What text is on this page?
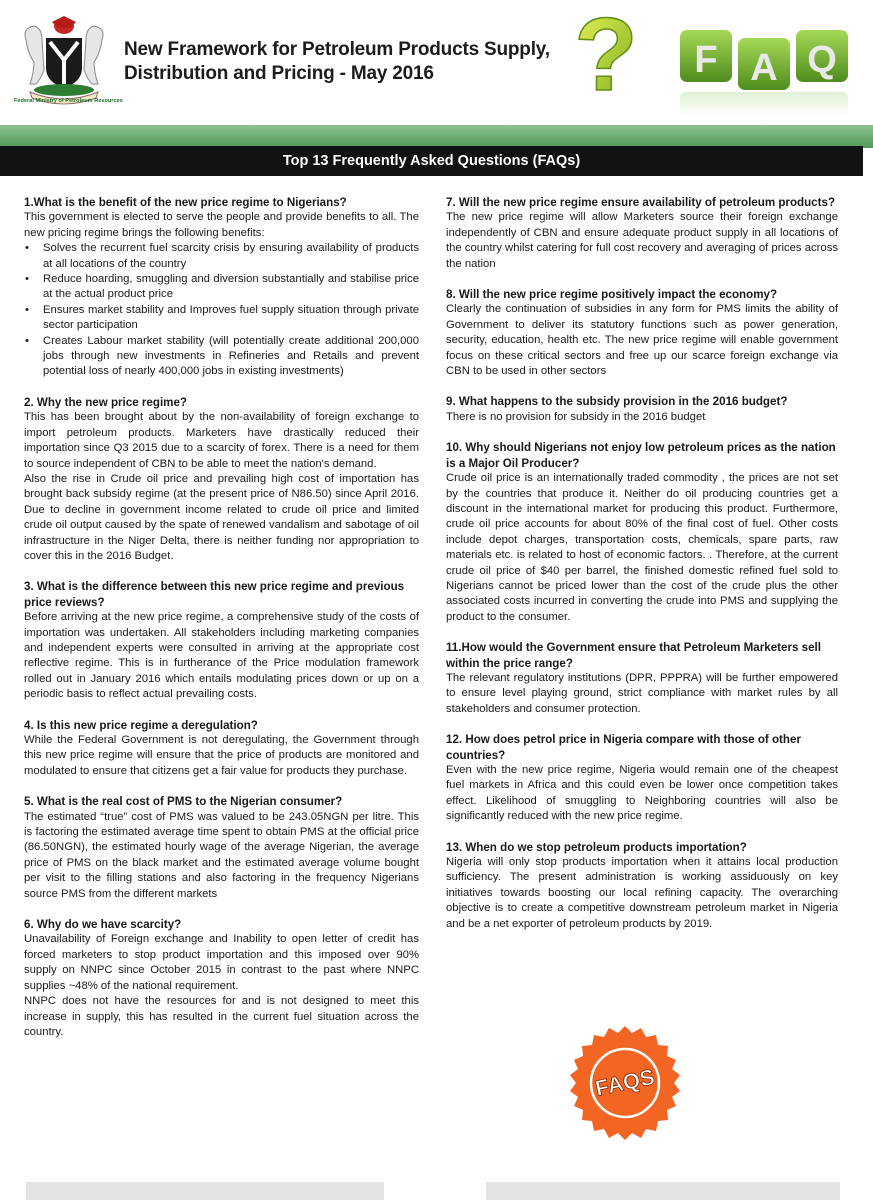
Federal Ministry of Petroleum Resources
New Framework for Petroleum Products Supply,
Distribution and Pricing - May 2016	? F A Q
Top 13 Frequently Asked Questions (FAQs)

1.What is the benefit of the new price regime to Nigerians?

This government is elected to serve the people and provide benefits to all. The new pricing regime brings the following benefits:

• Solves the recurrent fuel scarcity crisis by ensuring availability of products at all locations of the country
• Reduce hoarding, smuggling and diversion substantially and stabilise price at the actual product price
• Ensures market stability and Improves fuel supply situation through private sector participation
• Creates Labour market stability (will potentially create additional 200,000 jobs through new investments in Refineries and Retails and prevent potential loss of nearly 400,000 jobs in existing investments)

2. Why the new price regime?

This has been brought about by the non-availability of foreign exchange to import petroleum products. Marketers have drastically reduced their importation since Q3 2015 due to a scarcity of forex. There is a need for them to source independent of CBN to be able to meet the nation's demand.

Also the rise in Crude oil price and prevailing high cost of importation has brought back subsidy regime (at the present price of N86.50) since April 2016. Due to decline in government income related to crude oil price and limited crude oil output caused by the spate of renewed vandalism and sabotage of oil infrastructure in the Niger Delta, there is neither funding nor appropriation to cover this in the 2016 Budget.

3. What is the difference between this new price regime and previous price reviews?

Before arriving at the new price regime, a comprehensive study of the costs of importation was undertaken. All stakeholders including marketing companies and independent experts were consulted in arriving at the appropriate cost reflective regime. This is in furtherance of the Price modulation framework rolled out in January 2016 which entails modulating prices down or up on a periodic basis to reflect actual prevailing costs.

4. Is this new price regime a deregulation?

While the Federal Government is not deregulating, the Government through this new price regime will ensure that the price of products are monitored and modulated to ensure that citizens get a fair value for products they purchase.

5. What is the real cost of PMS to the Nigerian consumer?

The estimated “true” cost of PMS was valued to be 243.05NGN per litre. This is factoring the estimated average time spent to obtain PMS at the official price (86.50NGN), the estimated hourly wage of the average Nigerian, the average price of PMS on the black market and the estimated average volume bought per visit to the filling stations and also factoring in the frequency Nigerians source PMS from the different markets

6. Why do we have scarcity?

Unavailability of Foreign exchange and Inability to open letter of credit has forced marketers to stop product importation and this imposed over 90% supply on NNPC since October 2015 in contrast to the past where NNPC supplies ~48% of the national requirement.

NNPC does not have the resources for and is not designed to meet this increase in supply, this has resulted in the current fuel situation across the country.

7. Will the new price regime ensure availability of petroleum products?

The new price regime will allow Marketers source their foreign exchange independently of CBN and ensure adequate product supply in all locations of the country whilst catering for full cost recovery and averaging of prices across the nation

8. Will the new price regime positively impact the economy?

Clearly the continuation of subsidies in any form for PMS limits the ability of Government to deliver its statutory functions such as power generation, security, education, health etc. The new price regime will enable government focus on these critical sectors and free up our scarce foreign exchange via CBN to be used in other sectors

9. What happens to the subsidy provision in the 2016 budget?

There is no provision for subsidy in the 2016 budget

10. Why should Nigerians not enjoy low petroleum prices as the nation is a Major Oil Producer?

Crude oil price is an internationally traded commodity , the prices are not set by the countries that produce it. Neither do oil producing countries get a discount in the international market for producing this product. Furthermore, crude oil price accounts for about 80% of the final cost of fuel. Other costs include depot charges, transportation costs, chemicals, spare parts, raw materials etc. is related to host of economic factors. . Therefore, at the current crude oil price of $40 per barrel, the finished domestic refined fuel sold to Nigerians cannot be priced lower than the cost of the crude plus the other associated costs incurred in converting the crude into PMS and supplying the product to the consumer.

11.How would the Government ensure that Petroleum Marketers sell within the price range?

The relevant regulatory institutions (DPR, PPPRA) will be further empowered to ensure level playing ground, strict compliance with market rules by all stakeholders and consumer protection.

12. How does petrol price in Nigeria compare with those of other countries?

Even with the new price regime, Nigeria would remain one of the cheapest fuel markets in Africa and this could even be lower once competition takes effect. Likelihood of smuggling to Neighboring countries will also be significantly reduced with the new price regime.

13. When do we stop petroleum products importation?

Nigeria will only stop products importation when it attains local production sufficiency. The present administration is working assiduously on key initiatives towards boosting our local refining capacity. The overarching objective is to create a competitive downstream petroleum market in Nigeria and be a net exporter of petroleum products by 2019.

FAQS
